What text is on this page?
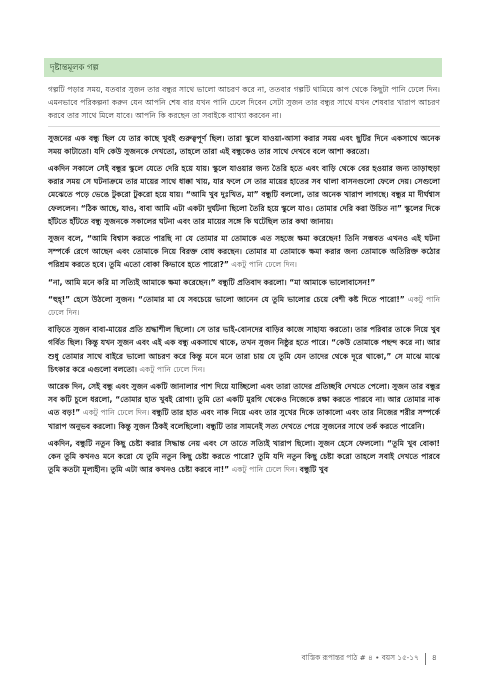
দৃষ্টান্তমূলক গল্প

গল্পটি পড়ার সময়, যতবার সুজন তার বন্ধুর সাথে ভালো আচরণ করে না, ততবার গল্পটি থামিয়ে কাপ থেকে কিছুটা পানি ঢেলে দিন। এমনভাবে পরিকল্পনা করুন যেন আপনি শেষ বার যখন পানি ঢেলে দিবেন সেটা সুজন তার বন্ধুর সাথে যখন শেষবার খারাপ আচরণ করবে তার সাথে মিলে যাবে। আপনি কি করছেন তা সবাইকে ব্যাখ্যা করবেন না।

সুজনের এক বন্ধু ছিল যে তার কাছে খুবই গুরুত্বপূর্ণ ছিল। তারা স্কুলে যাওয়া-আসা করার সময় এবং ছুটির দিনে একসাথে অনেক সময় কাটাতো। যদি কেউ সুজনকে দেখতো, তাহলে তারা এই বন্ধুকেও তার সাথে দেখবে বলে আশা করতো।

একদিন সকালে সেই বন্ধুর স্কুলে যেতে দেরি হয়ে যায়। স্কুলে যাওয়ার জন্য তৈরি হতে এবং বাড়ি থেকে বের হওয়ার জন্য তাড়াহুড়া করার সময় সে ঘটনাক্রমে তার মায়ের সাথে ধাক্কা খায়, যার ফলে সে তার মায়ের হাতের সব থালা বাসনগুলো ফেলে দেয়। সেগুলো মেঝেতে পড়ে ভেঙে টুকরো টুকরো হয়ে যায়। “আমি খুব দুঃখিত, মা” বন্ধুটি বললো, তার অনেক খারাপ লাগছে। বন্ধুর মা দীর্ঘশ্বাস ফেললেন। “ঠিক আছে, যাও, বাবা আমি এটা একটা দুর্ঘটনা ছিলো তৈরি হয়ে স্কুলে যাও। তোমার দেরি করা উচিত না” স্কুলের দিকে হাঁটতে হাঁটতে বন্ধু সুজনকে সকালের ঘটনা এবং তার মায়ের সঙ্গে কি ঘটেছিল তার কথা জানায়।

সুজন বলে, “আমি বিশ্বাস করতে পারছি না যে তোমার মা তোমাকে এত সহজে ক্ষমা করেছেন! তিনি সম্ভবত এখনও এই ঘটনা সম্পর্কে রেগে আছেন এবং তোমাকে নিয়ে বিরক্ত বোধ করছেন। তোমার মা তোমাকে ক্ষমা করার জন্য তোমাকে অতিরিক্ত কঠোর পরিশ্রম করতে হবে। তুমি এতো বোকা কিভাবে হতে পারো?” একটু পানি ঢেলে দিন।

“না, আমি মনে করি মা সত্যিই আমাকে ক্ষমা করেছেন।” বন্ধুটি প্রতিবাদ করলো। “মা আমাকে ভালোবাসেন!”

“হুহ্‌!” হেসে উঠলো সুজন। “তোমার মা যে সবচেয়ে ভালো জানেন যে তুমি ভালোর চেয়ে বেশী কষ্ট দিতে পারো!” একটু পানি ঢেলে দিন।

বাড়িতে সুজন বাবা-মায়ের প্রতি শ্রদ্ধাশীল ছিলো। সে তার ভাই-বোনদের বাড়ির কাজে সাহায্য করতো। তার পরিবার তাকে নিয়ে খুব গর্বিত ছিল। কিন্তু যখন সুজন এবং এই এক বন্ধু একসাথে থাকে, তখন সুজন নিষ্ঠুর হতে পারে। “কেউ তোমাকে পছন্দ করে না। আর শুধু তোমার সাথে বাইরে ভালো আচরণ করে কিন্তু মনে মনে তারা চায় যে তুমি যেন তাদের থেকে দূরে থাকো,” সে মাঝে মাঝে চিৎকার করে এগুলো বলতো। একটু পানি ঢেলে দিন।

আরেক দিন, সেই বন্ধু এবং সুজন একটি জানালার পাশ দিয়ে যাচ্ছিলো এবং তারা তাদের প্রতিচ্ছবি দেখতে পেলো। সুজন তার বন্ধুর সব কটি চুলে ধরলো, “তোমার হাত খুবই রোগা। তুমি তো একটি মুরগি থেকেও নিজেকে রক্ষা করতে পারবে না। আর তোমার নাক এত বড়!” একটু পানি ঢেলে দিন। বন্ধুটি তার হাত এবং নাক নিয়ে এবং তার সুখের দিকে তাকালো এবং তার নিজের শরীর সম্পর্কে খারাপ অনুভব করলো। কিন্তু সুজন ঠিকই বলেছিলো। বন্ধুটি তার সামনেই সত্য দেখতে পেয়ে সুজনের সাথে তর্ক করতে পারেনি।

একদিন, বন্ধুটি নতুন কিছু চেষ্টা করার সিদ্ধান্ত নেয় এবং সে তাতে সত্যিই খারাপ ছিলো। সুজন হেসে ফেললো। “তুমি খুব বোকা! কেন তুমি কখনও মনে করো যে তুমি নতুন কিছু চেষ্টা করতে পারো? তুমি যদি নতুন কিছু চেষ্টা করো তাহলে সবাই দেখতে পারবে তুমি কতটা মূল্যহীন। তুমি এটা আর কখনও চেষ্টা করবে না!” একটু পানি ঢেলে দিন। বন্ধুটি খুব

বাস্তিক রূপান্তর পাঠ # ৪ • বয়স ১৫-১৭ ৪
